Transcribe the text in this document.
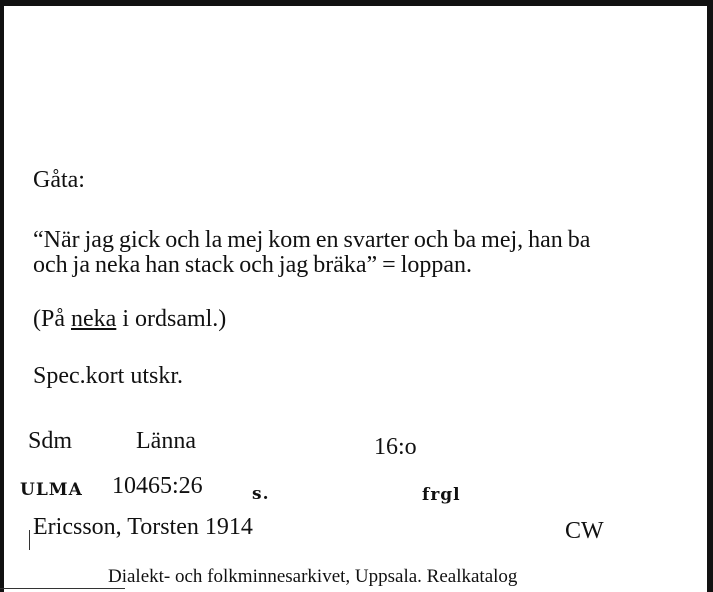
Gåta:
“När jag gick och la mej kom en svarter och ba mej, han ba
och ja neka han stack och jag bräka” = loppan.
(På neka i ordsaml.)
Spec.kort utskr.
Sdm	Länna	16:o
ULMA 10465:26	s.	frgl
Ericsson, Torsten 1914	CW
Dialekt- och folkminnesarkivet, Uppsala. Realkatalog
